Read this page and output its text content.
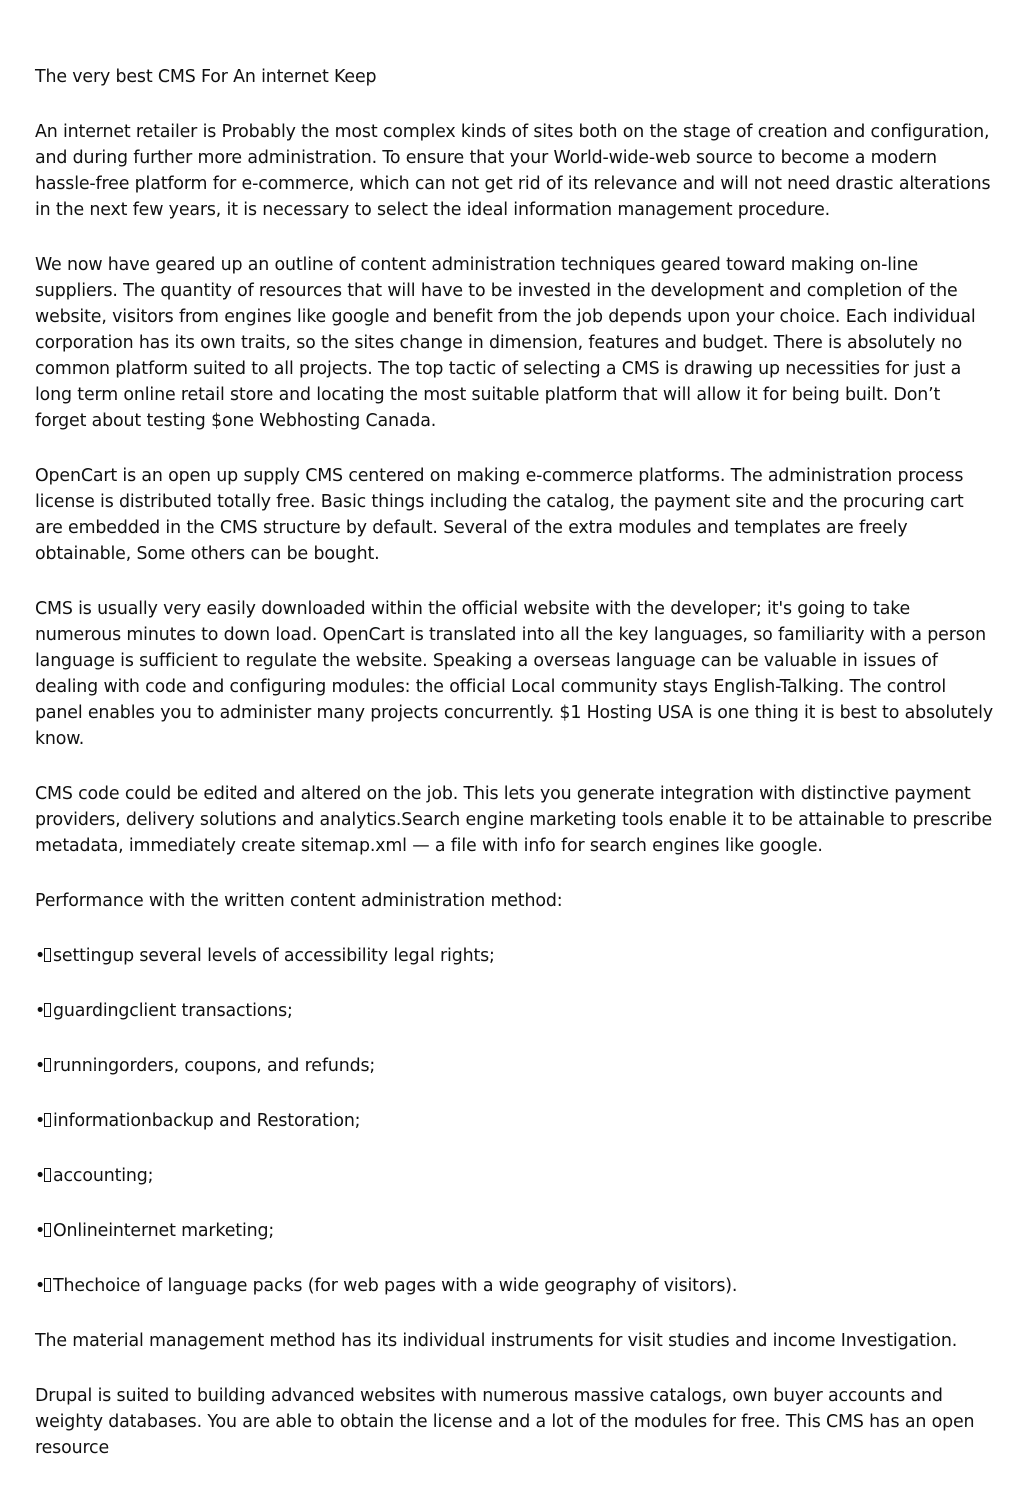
The very best CMS For An internet Keep

An internet retailer is Probably the most complex kinds of sites both on the stage of creation and configuration, and during further more administration. To ensure that your World-wide-web source to become a modern hassle-free platform for e-commerce, which can not get rid of its relevance and will not need drastic alterations in the next few years, it is necessary to select the ideal information management procedure.

We now have geared up an outline of content administration techniques geared toward making on-line suppliers. The quantity of resources that will have to be invested in the development and completion of the website, visitors from engines like google and benefit from the job depends upon your choice. Each individual corporation has its own traits, so the sites change in dimension, features and budget. There is absolutely no common platform suited to all projects. The top tactic of selecting a CMS is drawing up necessities for just a long term online retail store and locating the most suitable platform that will allow it for being built. Don’t forget about testing $one Webhosting Canada.

OpenCart is an open up supply CMS centered on making e-commerce platforms. The administration process license is distributed totally free. Basic things including the catalog, the payment site and the procuring cart are embedded in the CMS structure by default. Several of the extra modules and templates are freely obtainable, Some others can be bought.

CMS is usually very easily downloaded within the official website with the developer; it's going to take numerous minutes to down load. OpenCart is translated into all the key languages, so familiarity with a person language is sufficient to regulate the website. Speaking a overseas language can be valuable in issues of dealing with code and configuring modules: the official Local community stays English-Talking. The control panel enables you to administer many projects concurrently. $1 Hosting USA is one thing it is best to absolutely know.

CMS code could be edited and altered on the job. This lets you generate integration with distinctive payment providers, delivery solutions and analytics.Search engine marketing tools enable it to be attainable to prescribe metadata, immediately create sitemap.xml — a file with info for search engines like google.

Performance with the written content administration method:

• settingup several levels of accessibility legal rights;
• guardingclient transactions;
• runningorders, coupons, and refunds;
• informationbackup and Restoration;
• accounting;
• Onlineinternet marketing;
• Thechoice of language packs (for web pages with a wide geography of visitors).

The material management method has its individual instruments for visit studies and income Investigation.

Drupal is suited to building advanced websites with numerous massive catalogs, own buyer accounts and weighty databases. You are able to obtain the license and a lot of the modules for free. This CMS has an open resource
